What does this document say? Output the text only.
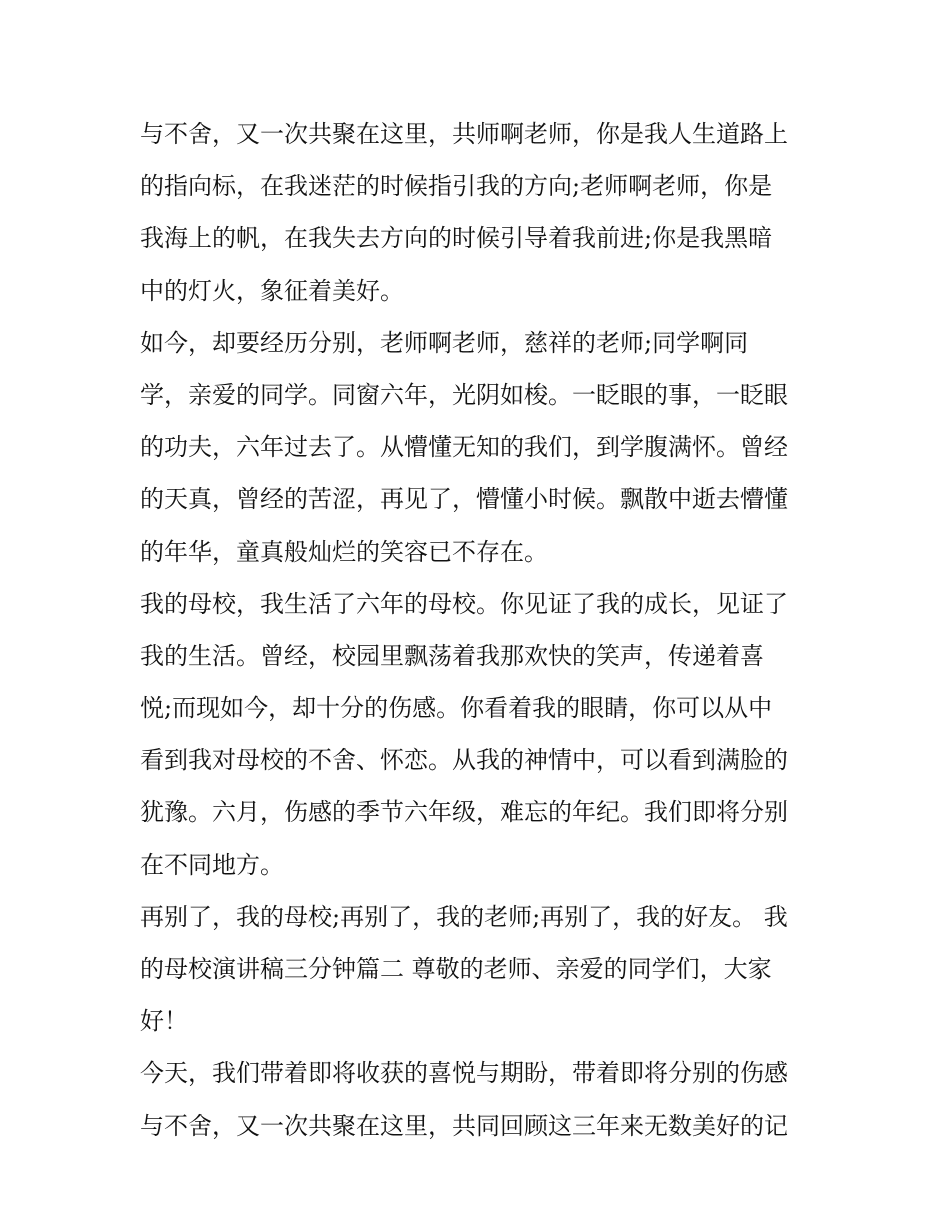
与不舍，又一次共聚在这里，共师啊老师，你是我人生道路上
的指向标，在我迷茫的时候指引我的方向;老师啊老师，你是
我海上的帆，在我失去方向的时候引导着我前进;你是我黑暗
中的灯火，象征着美好。
如今，却要经历分别，老师啊老师，慈祥的老师;同学啊同
学，亲爱的同学。同窗六年，光阴如梭。一眨眼的事，一眨眼
的功夫，六年过去了。从懵懂无知的我们，到学腹满怀。曾经
的天真，曾经的苦涩，再见了，懵懂小时候。飘散中逝去懵懂
的年华，童真般灿烂的笑容已不存在。
我的母校，我生活了六年的母校。你见证了我的成长，见证了
我的生活。曾经，校园里飘荡着我那欢快的笑声，传递着喜
悦;而现如今，却十分的伤感。你看着我的眼睛，你可以从中
看到我对母校的不舍、怀恋。从我的神情中，可以看到满脸的
犹豫。六月，伤感的季节六年级，难忘的年纪。我们即将分别
在不同地方。
再别了，我的母校;再别了，我的老师;再别了，我的好友。 我
的母校演讲稿三分钟篇二 尊敬的老师、亲爱的同学们，大家
好！
今天，我们带着即将收获的喜悦与期盼，带着即将分别的伤感
与不舍，又一次共聚在这里，共同回顾这三年来无数美好的记
